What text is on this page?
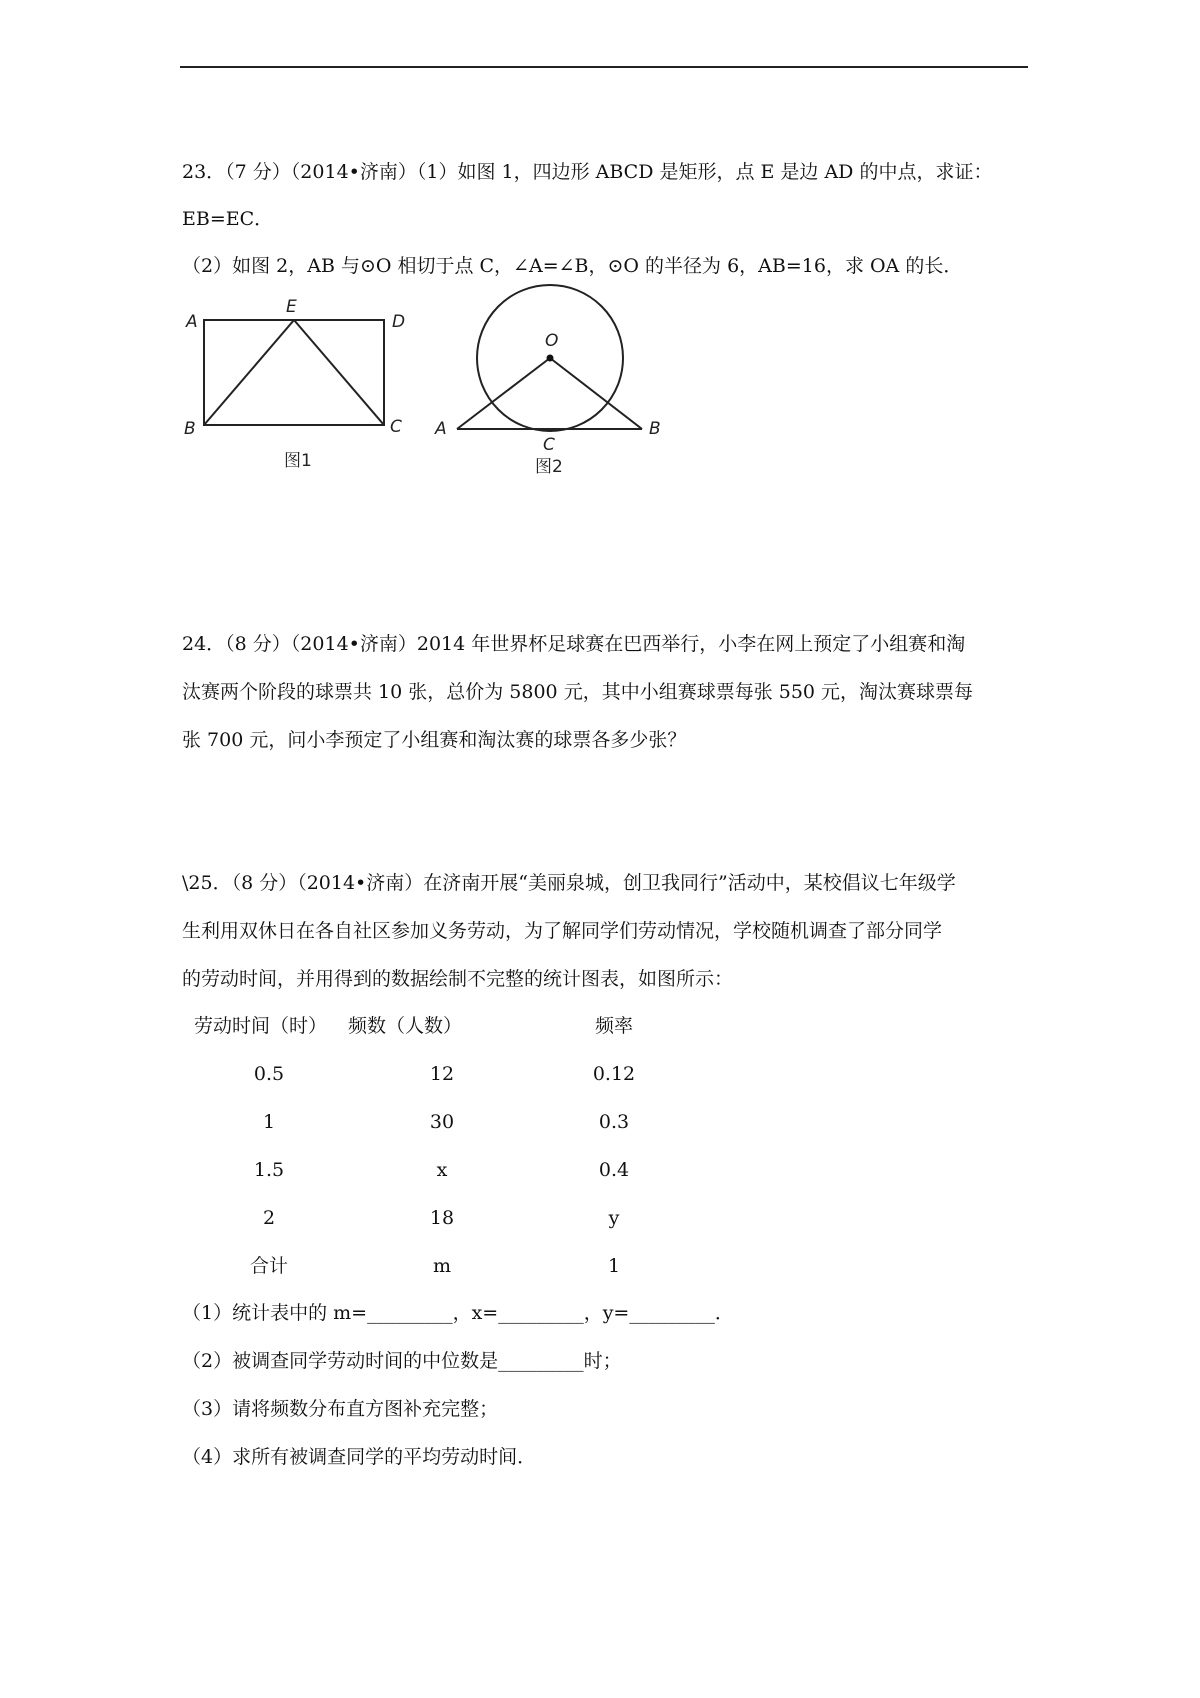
23．（7 分）（2014•济南）（1）如图 1，四边形 ABCD 是矩形，点 E 是边 AD 的中点，求证：
EB=EC．
（2）如图 2，AB 与⊙O 相切于点 C，∠A=∠B，⊙O 的半径为 6，AB=16，求 OA 的长．
A
E
D
B	C
图1
O
A
C
B
图2
24．（8 分）（2014•济南）2014 年世界杯足球赛在巴西举行，小李在网上预定了小组赛和淘
汰赛两个阶段的球票共 10 张，总价为 5800 元，其中小组赛球票每张 550 元，淘汰赛球票每
张 700 元，问小李预定了小组赛和淘汰赛的球票各多少张？
\25．（8 分）（2014•济南）在济南开展“美丽泉城，创卫我同行”活动中，某校倡议七年级学
生利用双休日在各自社区参加义务劳动，为了解同学们劳动情况，学校随机调查了部分同学
的劳动时间，并用得到的数据绘制不完整的统计图表，如图所示：
劳动时间（时）	频数（人数）	频率
0.5	12	0.12
1	30	0.3
1.5	x	0.4
2	18	y
合计	m	1
（1）统计表中的 m=_________，x=_________，y=_________．
（2）被调查同学劳动时间的中位数是_________时；
（3）请将频数分布直方图补充完整；
（4）求所有被调查同学的平均劳动时间．
